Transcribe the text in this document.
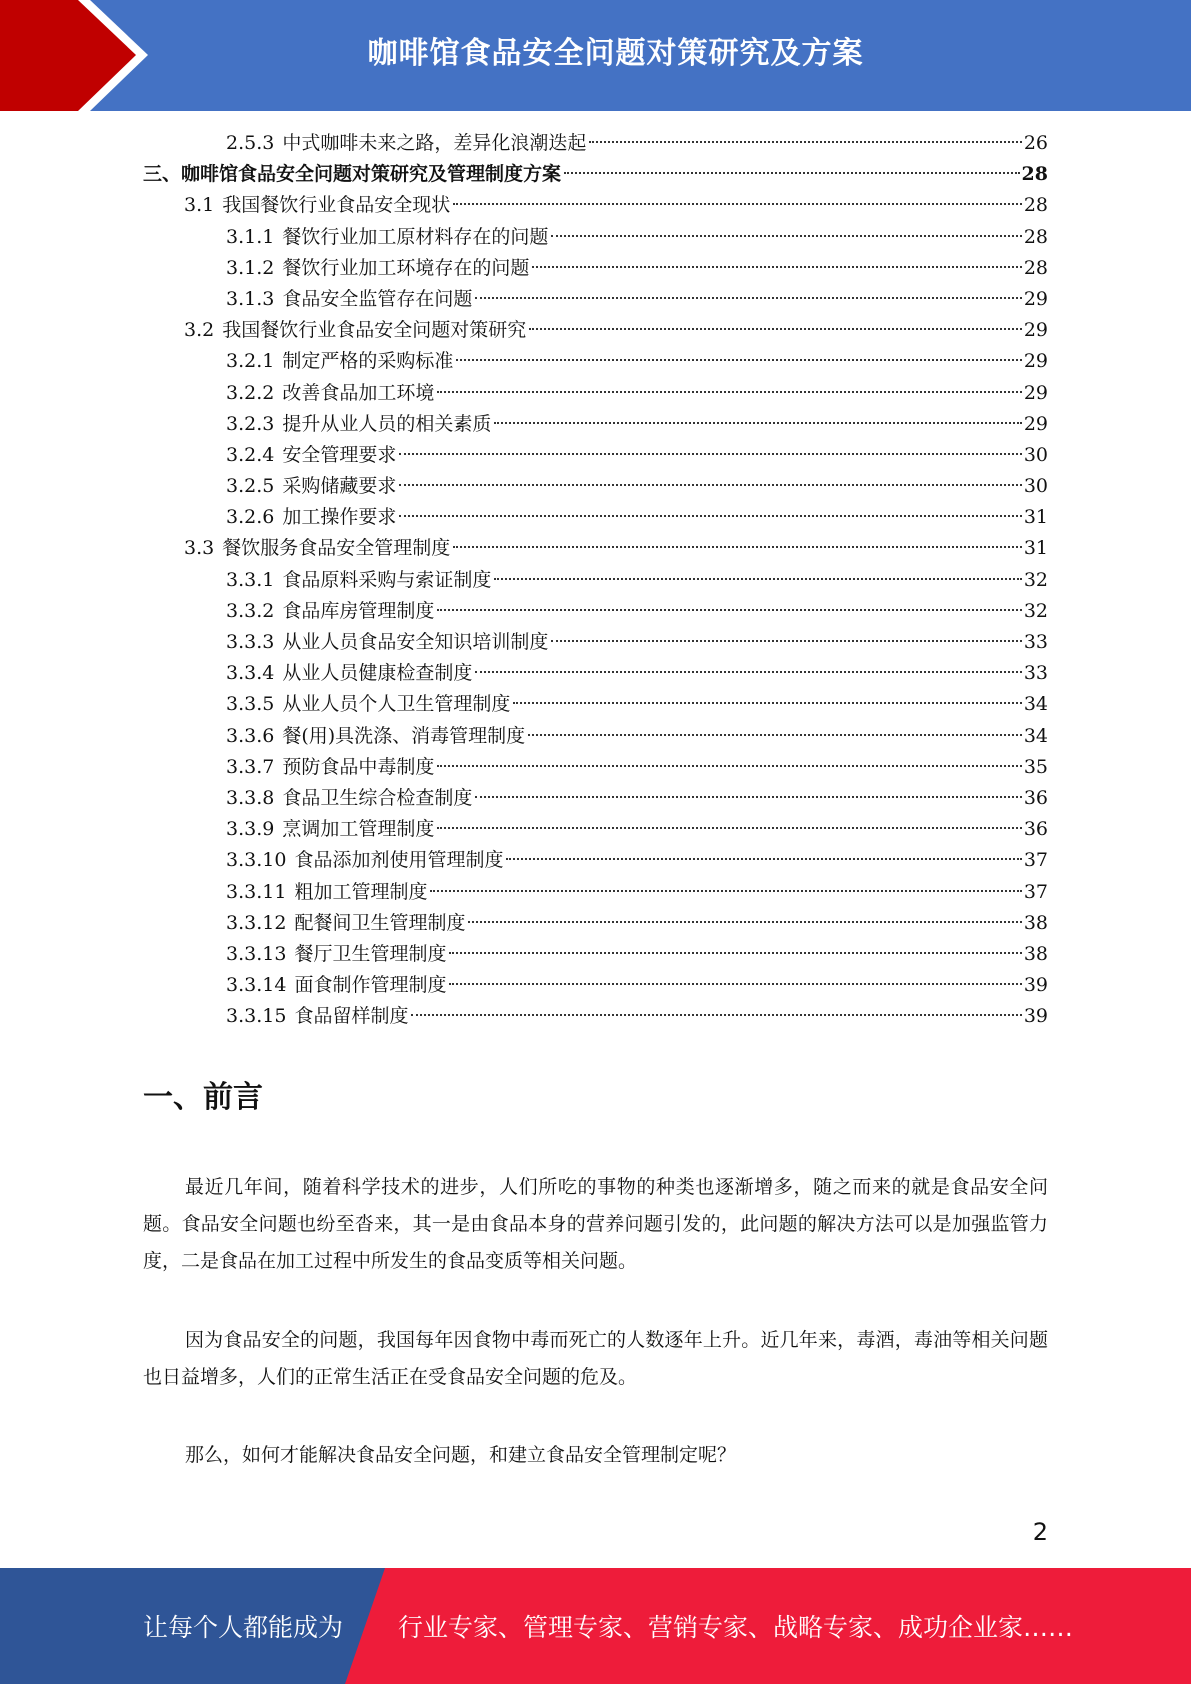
咖啡馆食品安全问题对策研究及方案
2.5.3 中式咖啡未来之路，差异化浪潮迭起	26
三、咖啡馆食品安全问题对策研究及管理制度方案	28
3.1 我国餐饮行业食品安全现状	28
3.1.1 餐饮行业加工原材料存在的问题	28
3.1.2 餐饮行业加工环境存在的问题	28
3.1.3 食品安全监管存在问题	29
3.2 我国餐饮行业食品安全问题对策研究	29
3.2.1 制定严格的采购标准	29
3.2.2 改善食品加工环境	29
3.2.3 提升从业人员的相关素质	29
3.2.4 安全管理要求	30
3.2.5 采购储藏要求	30
3.2.6 加工操作要求	31
3.3 餐饮服务食品安全管理制度	31
3.3.1 食品原料采购与索证制度	32
3.3.2 食品库房管理制度	32
3.3.3 从业人员食品安全知识培训制度	33
3.3.4 从业人员健康检查制度	33
3.3.5 从业人员个人卫生管理制度	34
3.3.6 餐(用)具洗涤、消毒管理制度	34
3.3.7 预防食品中毒制度	35
3.3.8 食品卫生综合检查制度	36
3.3.9 烹调加工管理制度	36
3.3.10 食品添加剂使用管理制度	37
3.3.11 粗加工管理制度	37
3.3.12 配餐间卫生管理制度	38
3.3.13 餐厅卫生管理制度	38
3.3.14 面食制作管理制度	39
3.3.15 食品留样制度	39
一、前言

最近几年间，随着科学技术的进步，人们所吃的事物的种类也逐渐增多，随之而来的就是食品安全问题。食品安全问题也纷至沓来，其一是由食品本身的营养问题引发的，此问题的解决方法可以是加强监管力度，二是食品在加工过程中所发生的食品变质等相关问题。

因为食品安全的问题，我国每年因食物中毒而死亡的人数逐年上升。近几年来，毒酒，毒油等相关问题也日益增多，人们的正常生活正在受食品安全问题的危及。

那么，如何才能解决食品安全问题，和建立食品安全管理制定呢？

2
让每个人都能成为 行业专家、管理专家、营销专家、战略专家、成功企业家……
